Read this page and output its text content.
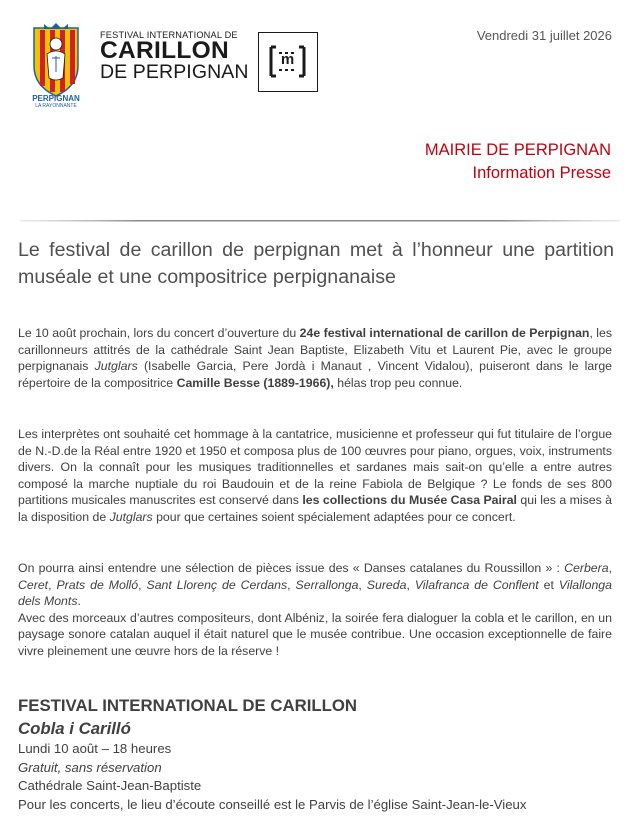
PERPIGNAN
LA RAYONNANTE
FESTIVAL INTERNATIONAL DE
CARILLON
DE PERPIGNAN
m
Vendredi 31 juillet 2026
MAIRIE DE PERPIGNAN
Information Presse
Le festival de carillon de perpignan met à l’honneur une partition muséale et une compositrice perpignanaise
Le 10 août prochain, lors du concert d’ouverture du 24e festival international de carillon de Perpignan, les carillonneurs attitrés de la cathédrale Saint Jean Baptiste, Elizabeth Vitu et Laurent Pie, avec le groupe perpignanais Jutglars (Isabelle Garcia, Pere Jordà i Manaut , Vincent Vidalou), puiseront dans le large répertoire de la compositrice Camille Besse (1889-1966), hélas trop peu connue.
Les interprètes ont souhaité cet hommage à la cantatrice, musicienne et professeur qui fut titulaire de l’orgue de N.-D.de la Réal entre 1920 et 1950 et composa plus de 100 œuvres pour piano, orgues, voix, instruments divers. On la connaît pour les musiques traditionnelles et sardanes mais sait-on qu’elle a entre autres composé la marche nuptiale du roi Baudouin et de la reine Fabiola de Belgique ? Le fonds de ses 800 partitions musicales manuscrites est conservé dans les collections du Musée Casa Pairal qui les a mises à la disposition de Jutglars pour que certaines soient spécialement adaptées pour ce concert.
On pourra ainsi entendre une sélection de pièces issue des « Danses catalanes du Roussillon » : Cerbera, Ceret, Prats de Molló, Sant Llorenç de Cerdans, Serrallonga, Sureda, Vilafranca de Conflent et Vilallonga dels Monts.
Avec des morceaux d’autres compositeurs, dont Albéniz, la soirée fera dialoguer la cobla et le carillon, en un paysage sonore catalan auquel il était naturel que le musée contribue. Une occasion exceptionnelle de faire vivre pleinement une œuvre hors de la réserve !
FESTIVAL INTERNATIONAL DE CARILLON
Cobla i Carilló
Lundi 10 août – 18 heures
Gratuit, sans réservation
Cathédrale Saint-Jean-Baptiste
Pour les concerts, le lieu d’écoute conseillé est le Parvis de l’église Saint-Jean-le-Vieux
